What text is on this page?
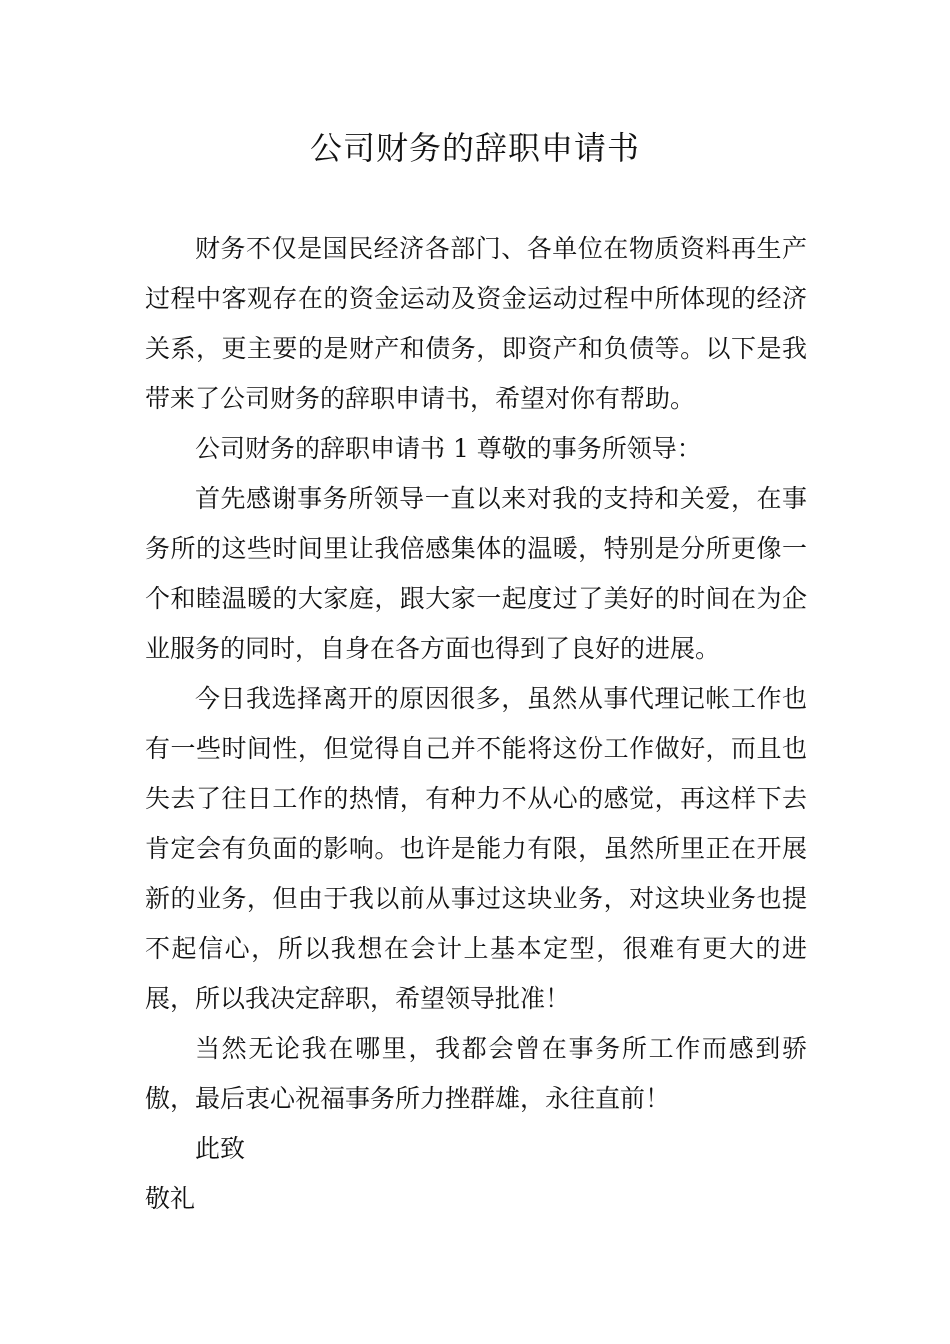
公司财务的辞职申请书

财务不仅是国民经济各部门、各单位在物质资料再生产过程中客观存在的资金运动及资金运动过程中所体现的经济关系，更主要的是财产和债务，即资产和负债等。以下是我带来了公司财务的辞职申请书，希望对你有帮助。

公司财务的辞职申请书 1 尊敬的事务所领导：

首先感谢事务所领导一直以来对我的支持和关爱，在事务所的这些时间里让我倍感集体的温暖，特别是分所更像一个和睦温暖的大家庭，跟大家一起度过了美好的时间在为企业服务的同时，自身在各方面也得到了良好的进展。

今日我选择离开的原因很多，虽然从事代理记帐工作也有一些时间性，但觉得自己并不能将这份工作做好，而且也失去了往日工作的热情，有种力不从心的感觉，再这样下去肯定会有负面的影响。也许是能力有限，虽然所里正在开展新的业务，但由于我以前从事过这块业务，对这块业务也提不起信心，所以我想在会计上基本定型，很难有更大的进展，所以我决定辞职，希望领导批准！

当然无论我在哪里，我都会曾在事务所工作而感到骄傲，最后衷心祝福事务所力挫群雄，永往直前！

此致

敬礼
